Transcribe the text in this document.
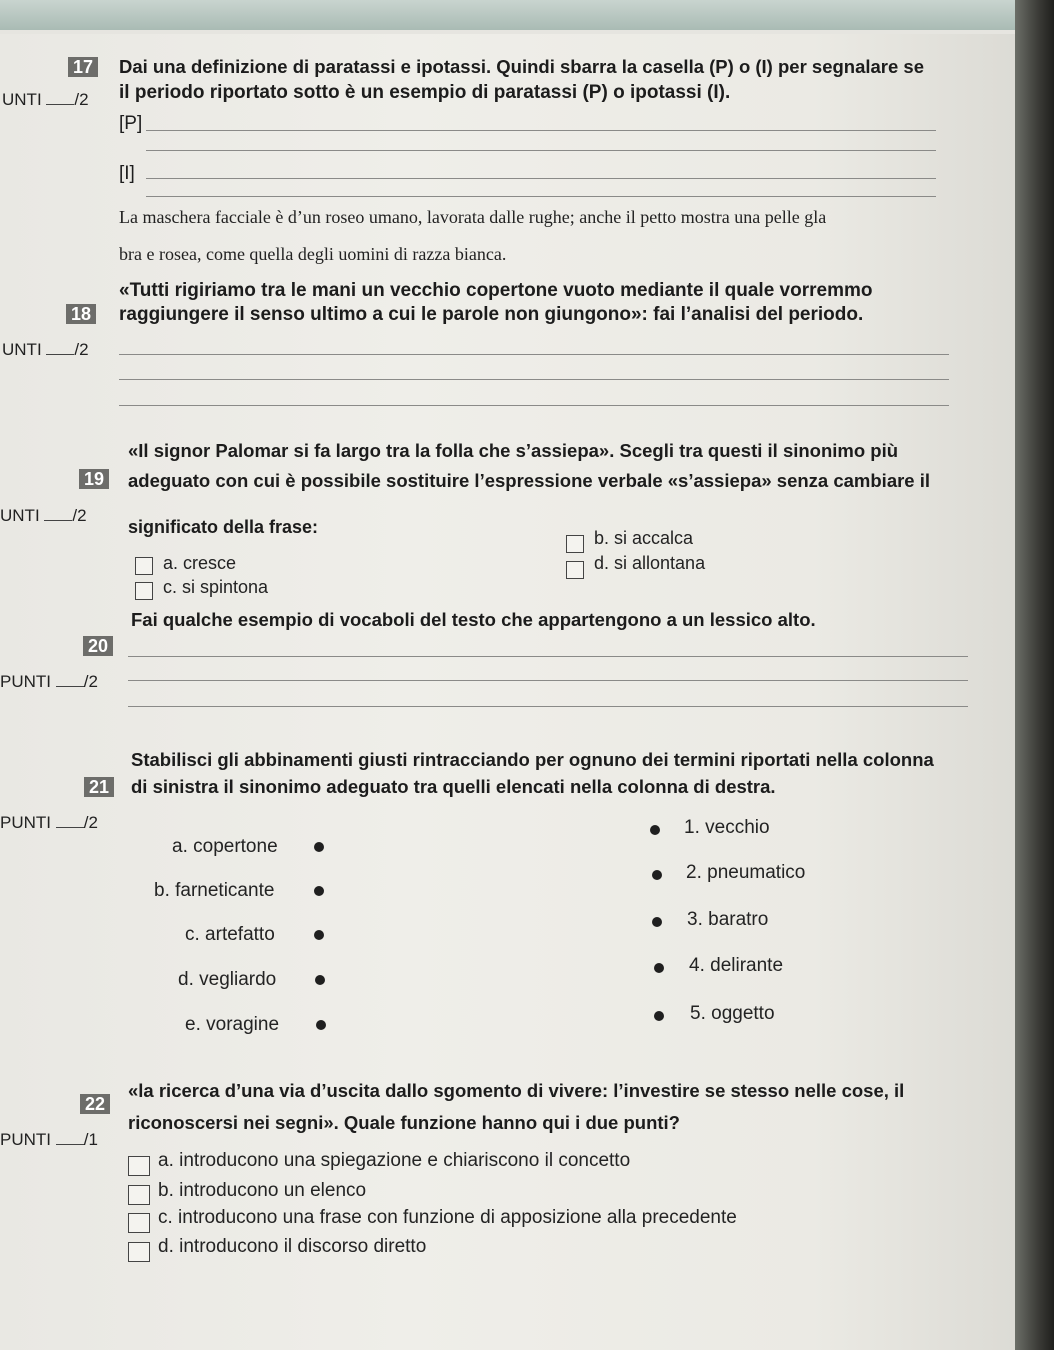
17 Dai una definizione di paratassi e ipotassi. Quindi sbarra la casella (P) o (I) per segnalare se
UNTI /2 il periodo riportato sotto è un esempio di paratassi (P) o ipotassi (I).
[P]
[I]
La maschera facciale è d’un roseo umano, lavorata dalle rughe; anche il petto mostra una pelle gla
bra e rosea, come quella degli uomini di razza bianca.
18
«Tutti rigiriamo tra le mani un vecchio copertone vuoto mediante il quale vorremmo
raggiungere il senso ultimo a cui le parole non giungono»: fai l’analisi del periodo.
UNTI /2
19
«Il signor Palomar si fa largo tra la folla che s’assiepa». Scegli tra questi il sinonimo più
adeguato con cui è possibile sostituire l’espressione verbale «s’assiepa» senza cambiare il
UNTI /2
significato della frase:
a. cresce
b. si accalca
c. si spintona
d. si allontana
20
Fai qualche esempio di vocaboli del testo che appartengono a un lessico alto.
PUNTI /2
21
Stabilisci gli abbinamenti giusti rintracciando per ognuno dei termini riportati nella colonna
di sinistra il sinonimo adeguato tra quelli elencati nella colonna di destra.
PUNTI /2
a. copertone
b. farneticante
c. artefatto
d. vegliardo
e. voragine
1. vecchio
2. pneumatico
3. baratro
4. delirante
5. oggetto
22
«la ricerca d’una via d’uscita dallo sgomento di vivere: l’investire se stesso nelle cose, il
PUNTI /1
riconoscersi nei segni». Quale funzione hanno qui i due punti?
a. introducono una spiegazione e chiariscono il concetto
b. introducono un elenco
c. introducono una frase con funzione di apposizione alla precedente
d. introducono il discorso diretto
